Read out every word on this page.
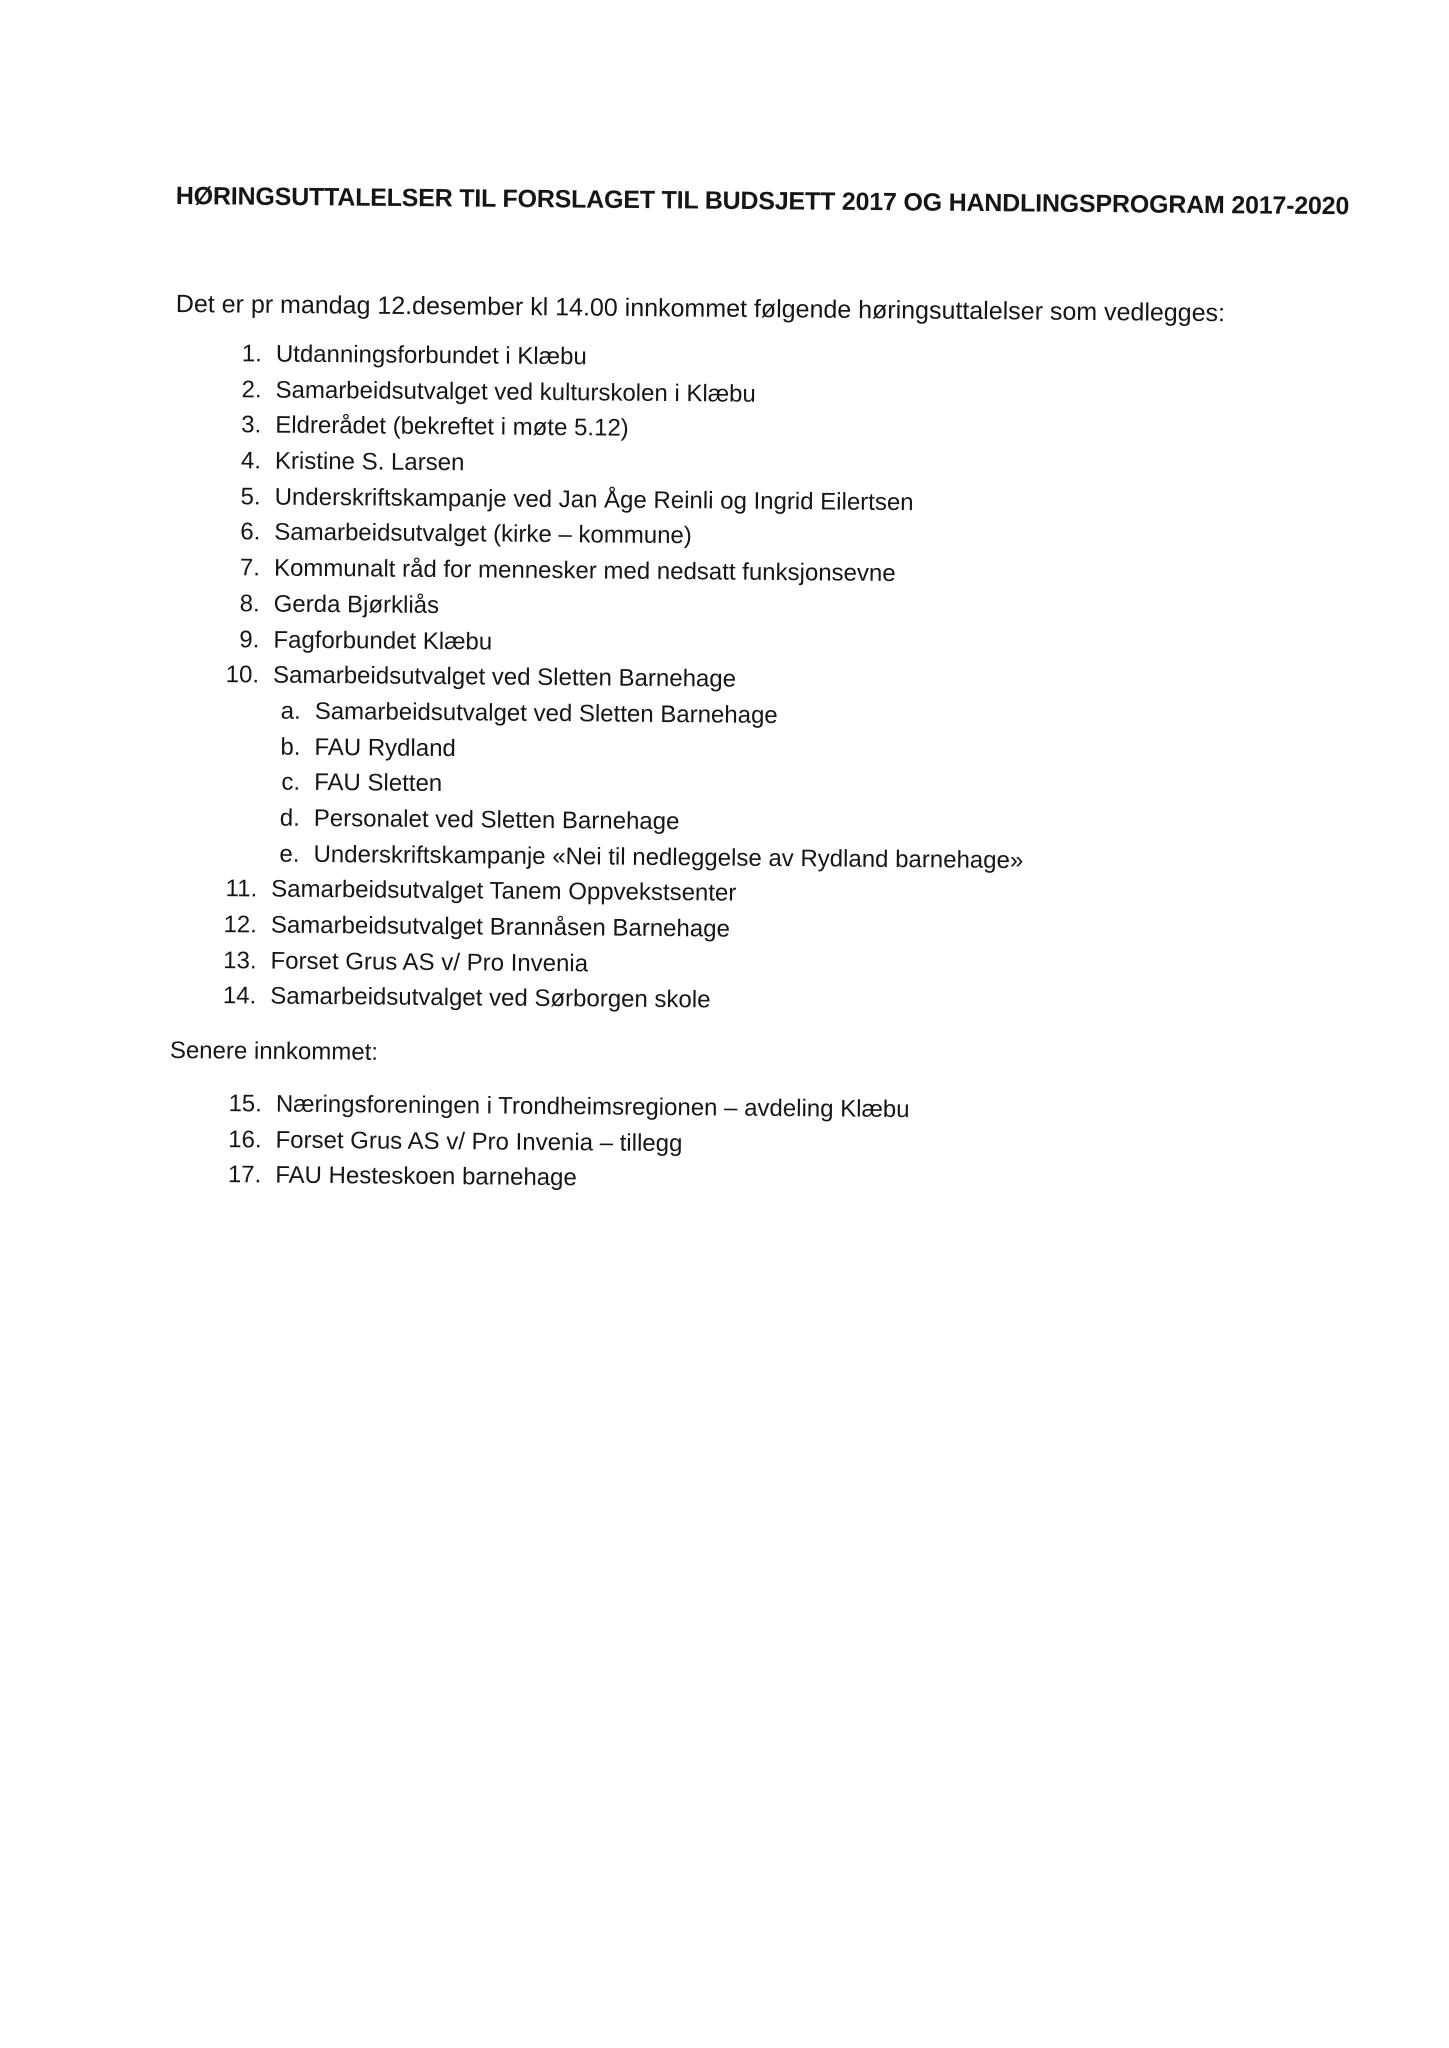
HØRINGSUTTALELSER TIL FORSLAGET TIL BUDSJETT 2017 OG HANDLINGSPROGRAM 2017-2020
Det er pr mandag 12.desember kl 14.00 innkommet følgende høringsuttalelser som vedlegges:
1. Utdanningsforbundet i Klæbu
2. Samarbeidsutvalget ved kulturskolen i Klæbu
3. Eldrerådet (bekreftet i møte 5.12)
4. Kristine S. Larsen
5. Underskriftskampanje ved Jan Åge Reinli og Ingrid Eilertsen
6. Samarbeidsutvalget (kirke – kommune)
7. Kommunalt råd for mennesker med nedsatt funksjonsevne
8. Gerda Bjørkliås
9. Fagforbundet Klæbu
10. Samarbeidsutvalget ved Sletten Barnehage
a. Samarbeidsutvalget ved Sletten Barnehage
b. FAU Rydland
c. FAU Sletten
d. Personalet ved Sletten Barnehage
e. Underskriftskampanje «Nei til nedleggelse av Rydland barnehage»
11. Samarbeidsutvalget Tanem Oppvekstsenter
12. Samarbeidsutvalget Brannåsen Barnehage
13. Forset Grus AS v/ Pro Invenia
14. Samarbeidsutvalget ved Sørborgen skole
Senere innkommet:
15. Næringsforeningen i Trondheimsregionen – avdeling Klæbu
16. Forset Grus AS v/ Pro Invenia – tillegg
17. FAU Hesteskoen barnehage
